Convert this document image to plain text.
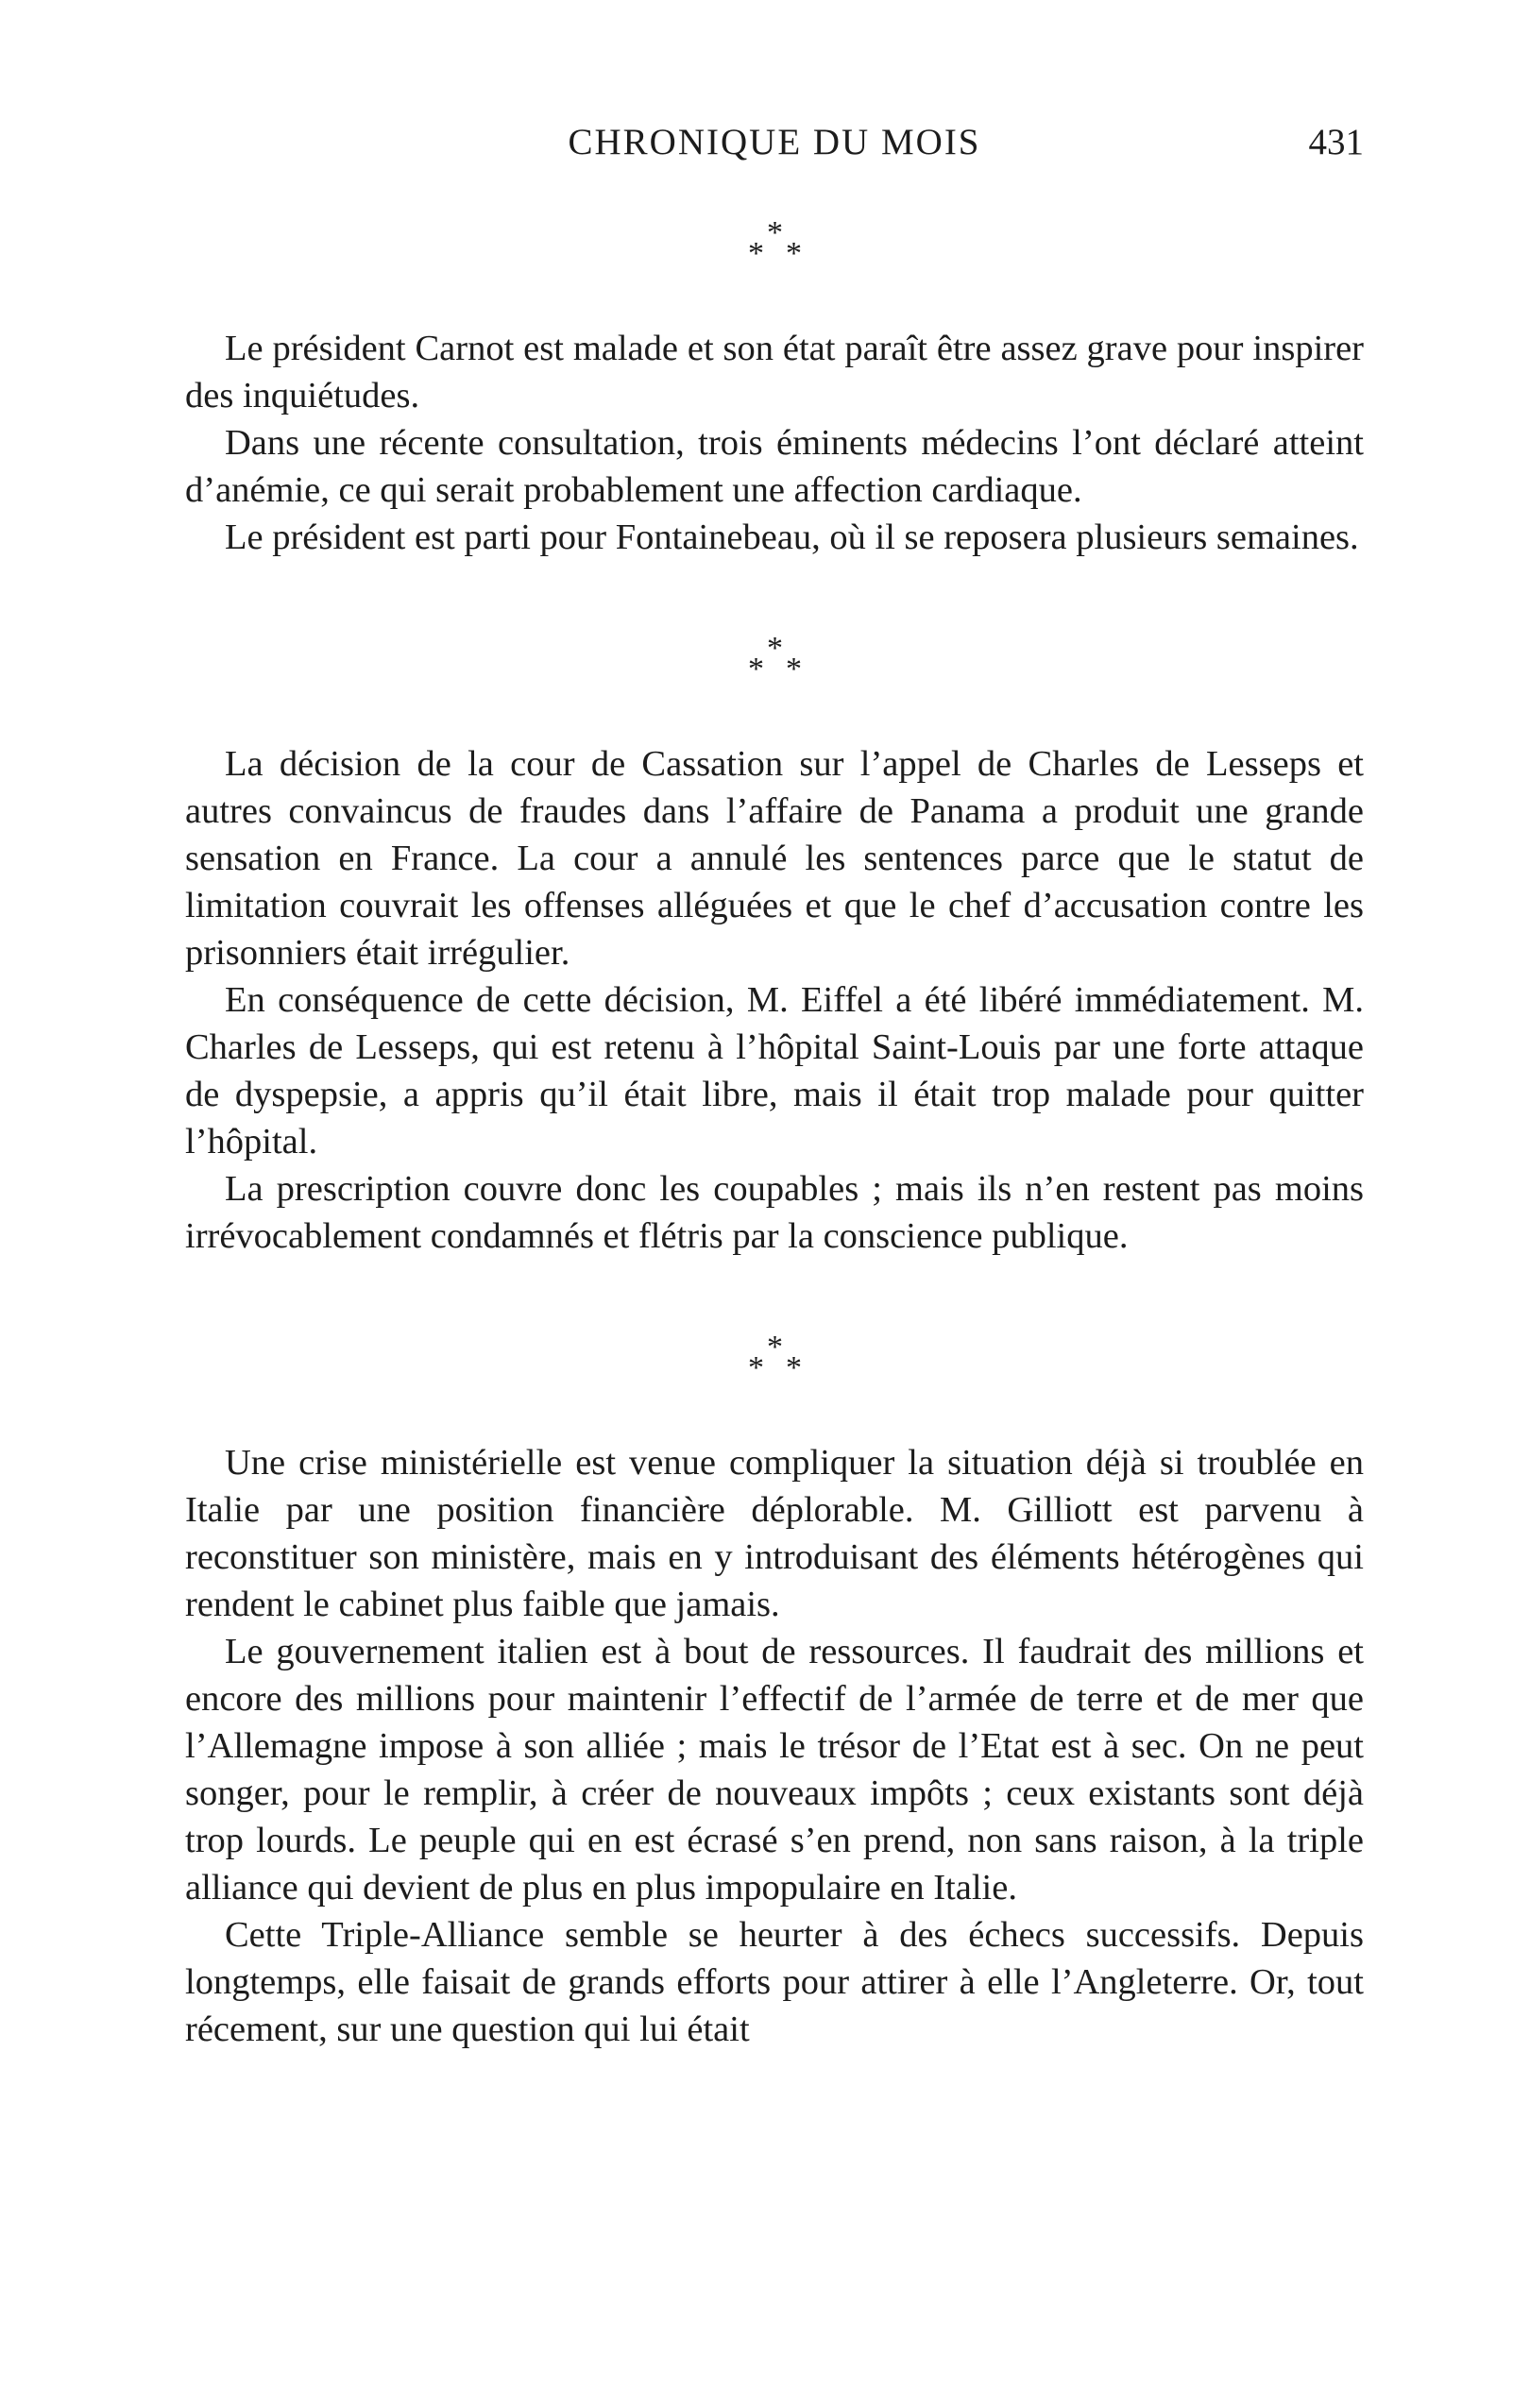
CHRONIQUE DU MOIS	431
*
* *

Le président Carnot est malade et son état paraît être assez grave pour inspirer des inquiétudes.

Dans une récente consultation, trois éminents médecins l’ont déclaré atteint d’anémie, ce qui serait probablement une affection cardiaque.

Le président est parti pour Fontainebeau, où il se reposera plusieurs semaines.

*
* *

La décision de la cour de Cassation sur l’appel de Charles de Lesseps et autres convaincus de fraudes dans l’affaire de Panama a produit une grande sensation en France. La cour a annulé les sentences parce que le statut de limitation couvrait les offenses alléguées et que le chef d’accusation contre les prisonniers était irrégulier.

En conséquence de cette décision, M. Eiffel a été libéré immédiatement. M. Charles de Lesseps, qui est retenu à l’hôpital Saint-Louis par une forte attaque de dyspepsie, a appris qu’il était libre, mais il était trop malade pour quitter l’hôpital.

La prescription couvre donc les coupables ; mais ils n’en restent pas moins irrévocablement condamnés et flétris par la conscience publique.

*
* *

Une crise ministérielle est venue compliquer la situation déjà si troublée en Italie par une position financière déplorable. M. Gilliott est parvenu à reconstituer son ministère, mais en y introduisant des éléments hétérogènes qui rendent le cabinet plus faible que jamais.

Le gouvernement italien est à bout de ressources. Il faudrait des millions et encore des millions pour maintenir l’effectif de l’armée de terre et de mer que l’Allemagne impose à son alliée ; mais le trésor de l’Etat est à sec. On ne peut songer, pour le remplir, à créer de nouveaux impôts ; ceux existants sont déjà trop lourds. Le peuple qui en est écrasé s’en prend, non sans raison, à la triple alliance qui devient de plus en plus impopulaire en Italie.

Cette Triple-Alliance semble se heurter à des échecs successifs. Depuis longtemps, elle faisait de grands efforts pour attirer à elle l’Angleterre. Or, tout récement, sur une question qui lui était
